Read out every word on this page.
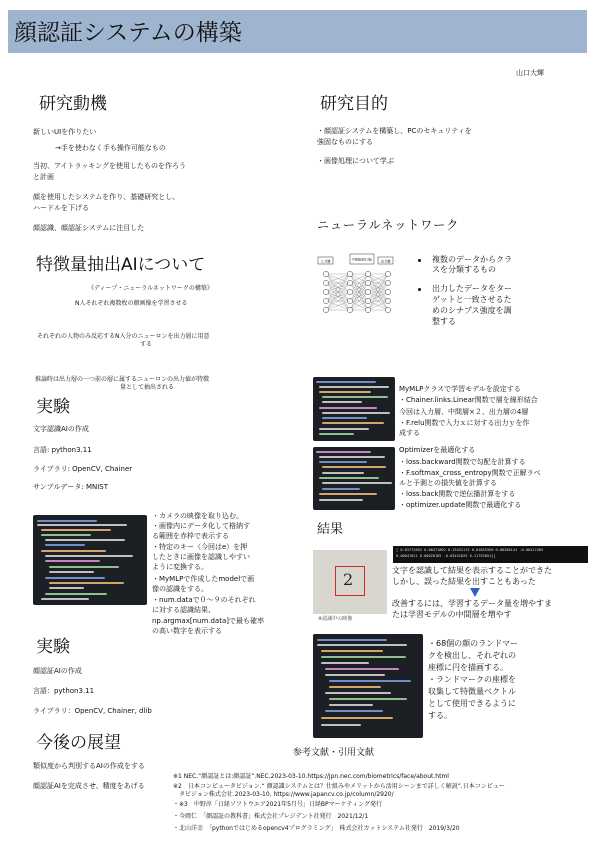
顔認証システムの構築
山口大輝
研究動機
新しいUIを作りたい
→手を使わなく手も操作可能なもの
当初、アイトラッキングを使用したものを作ろう
と計画
顔を使用したシステムを作り、基礎研究とし、
ハードルを下げる
顔認識、顔認証システムに注目した
研究目的
・顔認証システムを構築し、PCのセキュリティを
強固なものにする
・画像処理について学ぶ
ニューラルネットワーク
入力層	中間層(隠れ層)	出力層	複数のデータからクラ
スを分類するもの
出力したデータをター
ゲットと一致させるた
めのシナプス強度を調
整する
特徴量抽出AIについて
《ディープ・ニューラルネットワークの構築》
N人それぞれ複数枚の顔画像を学習させる
それぞれの人物のみ反応するN入分のニューロンを出力層に用意
する
推論時は出力層の一つ前の層に属するニューロンの出力値が特徴
量として抽出される
実験
文字認識AIの作成
言語: python3.11
ライブラリ: OpenCV, Chainer
サンプルデータ: MNIST
・カメラの映像を取り込む。
・画像内にデータ化して格納す
る範囲を赤枠で表示する
・特定のキー（今回はe）を押
したときに画像を認識しやすい
ように変換する。
・MyMLPで作成したmodelで画
像の認識をする。
・num.dataで０～９のそれぞれ
に対する認識結果、
np.argmax[num.data]で最も確率
の高い数字を表示する
MyMLPクラスで学習モデルを設定する
・Chainer.links.Linear関数で層を線形結合
今回は入力層、中間層×２、出力層の4層
・F.relu関数で入力ｘに対する出力ｙを作
成する
Optimizerを最適化する
・loss.backward関数で勾配を計算する
・F.softmax_cross_entropy関数で正解ラベ
ルと予測との損失値を計算する
・loss.back関数で逆伝播計算をする
・optimizer.update関数で最適化する
結果
2
※認識中の映像
[ 0.83772652 0.06471802 0.13451175 0.01835350 0.08380141 -0.06417485
0.00047021 0.00028185 -0.03451825 0.11753051]]
文字を認識して結果を表示することができた
しかし、誤った結果を出すこともあった
改善するには、学習するデータ量を増やすま
たは学習モデルの中間層を増やす
実験
顔認証AIの作成
言語：python3.11
ライブラリ：OpenCV, Chainer, dlib
・68個の顔のランドマー
クを検出し、それぞれの
座標に円を描画する。
・ランドマークの座標を
収集して特徴量ベクトル
として使用できるように
する。
今後の展望
類似度から判別するAIの作成をする
顔認証AIを完成させ、精度をあげる
参考文献・引用文献
※1 NEC.“顔認証とは:顔認証”.NEC.2023-03-10.https://jpn.nec.com/biometrics/face/about.html
※2　日本コンピュータビジョン.“ 顔認識システムとは？仕組みやメリットから活用シーンまで詳しく解説”.日本コンピュー
　タビジョン株式会社.2023-03-10. https://www.japancv.co.jp/column/2920/
・※3　中野淳「日経ソフトウエア2021年5月号」日経BPマーケティング発行
・今岡仁　「顔認証の教科書」株式会社プレジデント社発行　2021/12/1
・北山洋幸　「pythonではじめるopencv4プログラミング」　株式会社カットシステム社発行　2019/3/20
